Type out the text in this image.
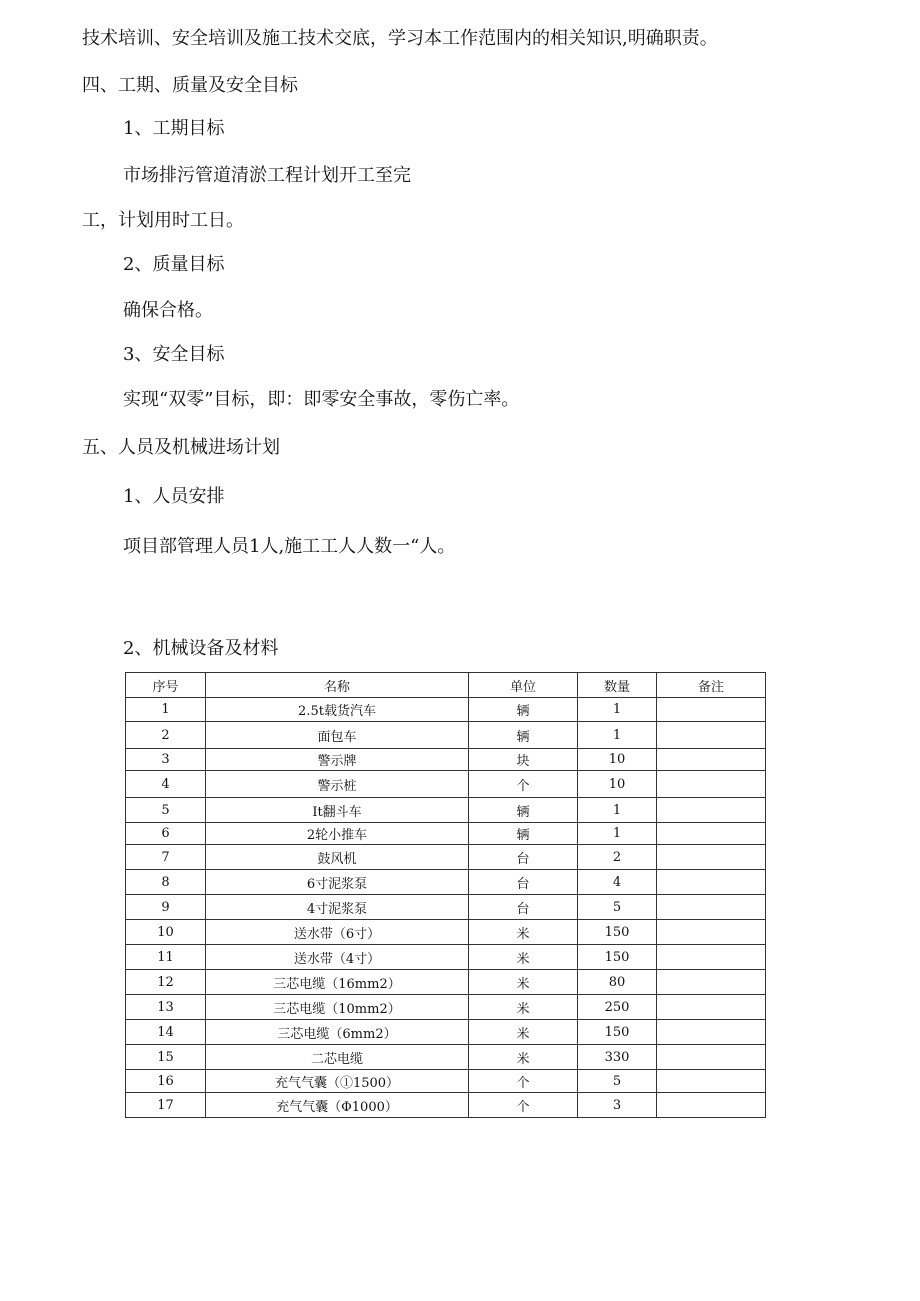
技术培训、安全培训及施工技术交底，学习本工作范围内的相关知识,明确职责。
四、工期、质量及安全目标
1、工期目标
市场排污管道清淤工程计划开工至完
工，计划用时工日。
2、质量目标
确保合格。
3、安全目标
实现“双零”目标，即：即零安全事故，零伤亡率。
五、人员及机械进场计划
1、人员安排
项目部管理人员1人,施工工人人数一“人。
2、机械设备及材料
序号	名称	单位	数量	备注
1	2.5t载货汽车	辆	1	
2	面包车	辆	1	
3	警示牌	块	10	
4	警示桩	个	10	
5	It翻斗车	辆	1	
6	2轮小推车	辆	1	
7	鼓风机	台	2	
8	6寸泥浆泵	台	4	
9	4寸泥浆泵	台	5	
10	送水带（6寸）	米	150	
11	送水带（4寸）	米	150	
12	三芯电缆（16mm2）	米	80	
13	三芯电缆（10mm2）	米	250	
14	三芯电缆（6mm2）	米	150	
15	二芯电缆	米	330	
16	充气气囊（①1500）	个	5	
17	充气气囊（Φ1000）	个	3	
